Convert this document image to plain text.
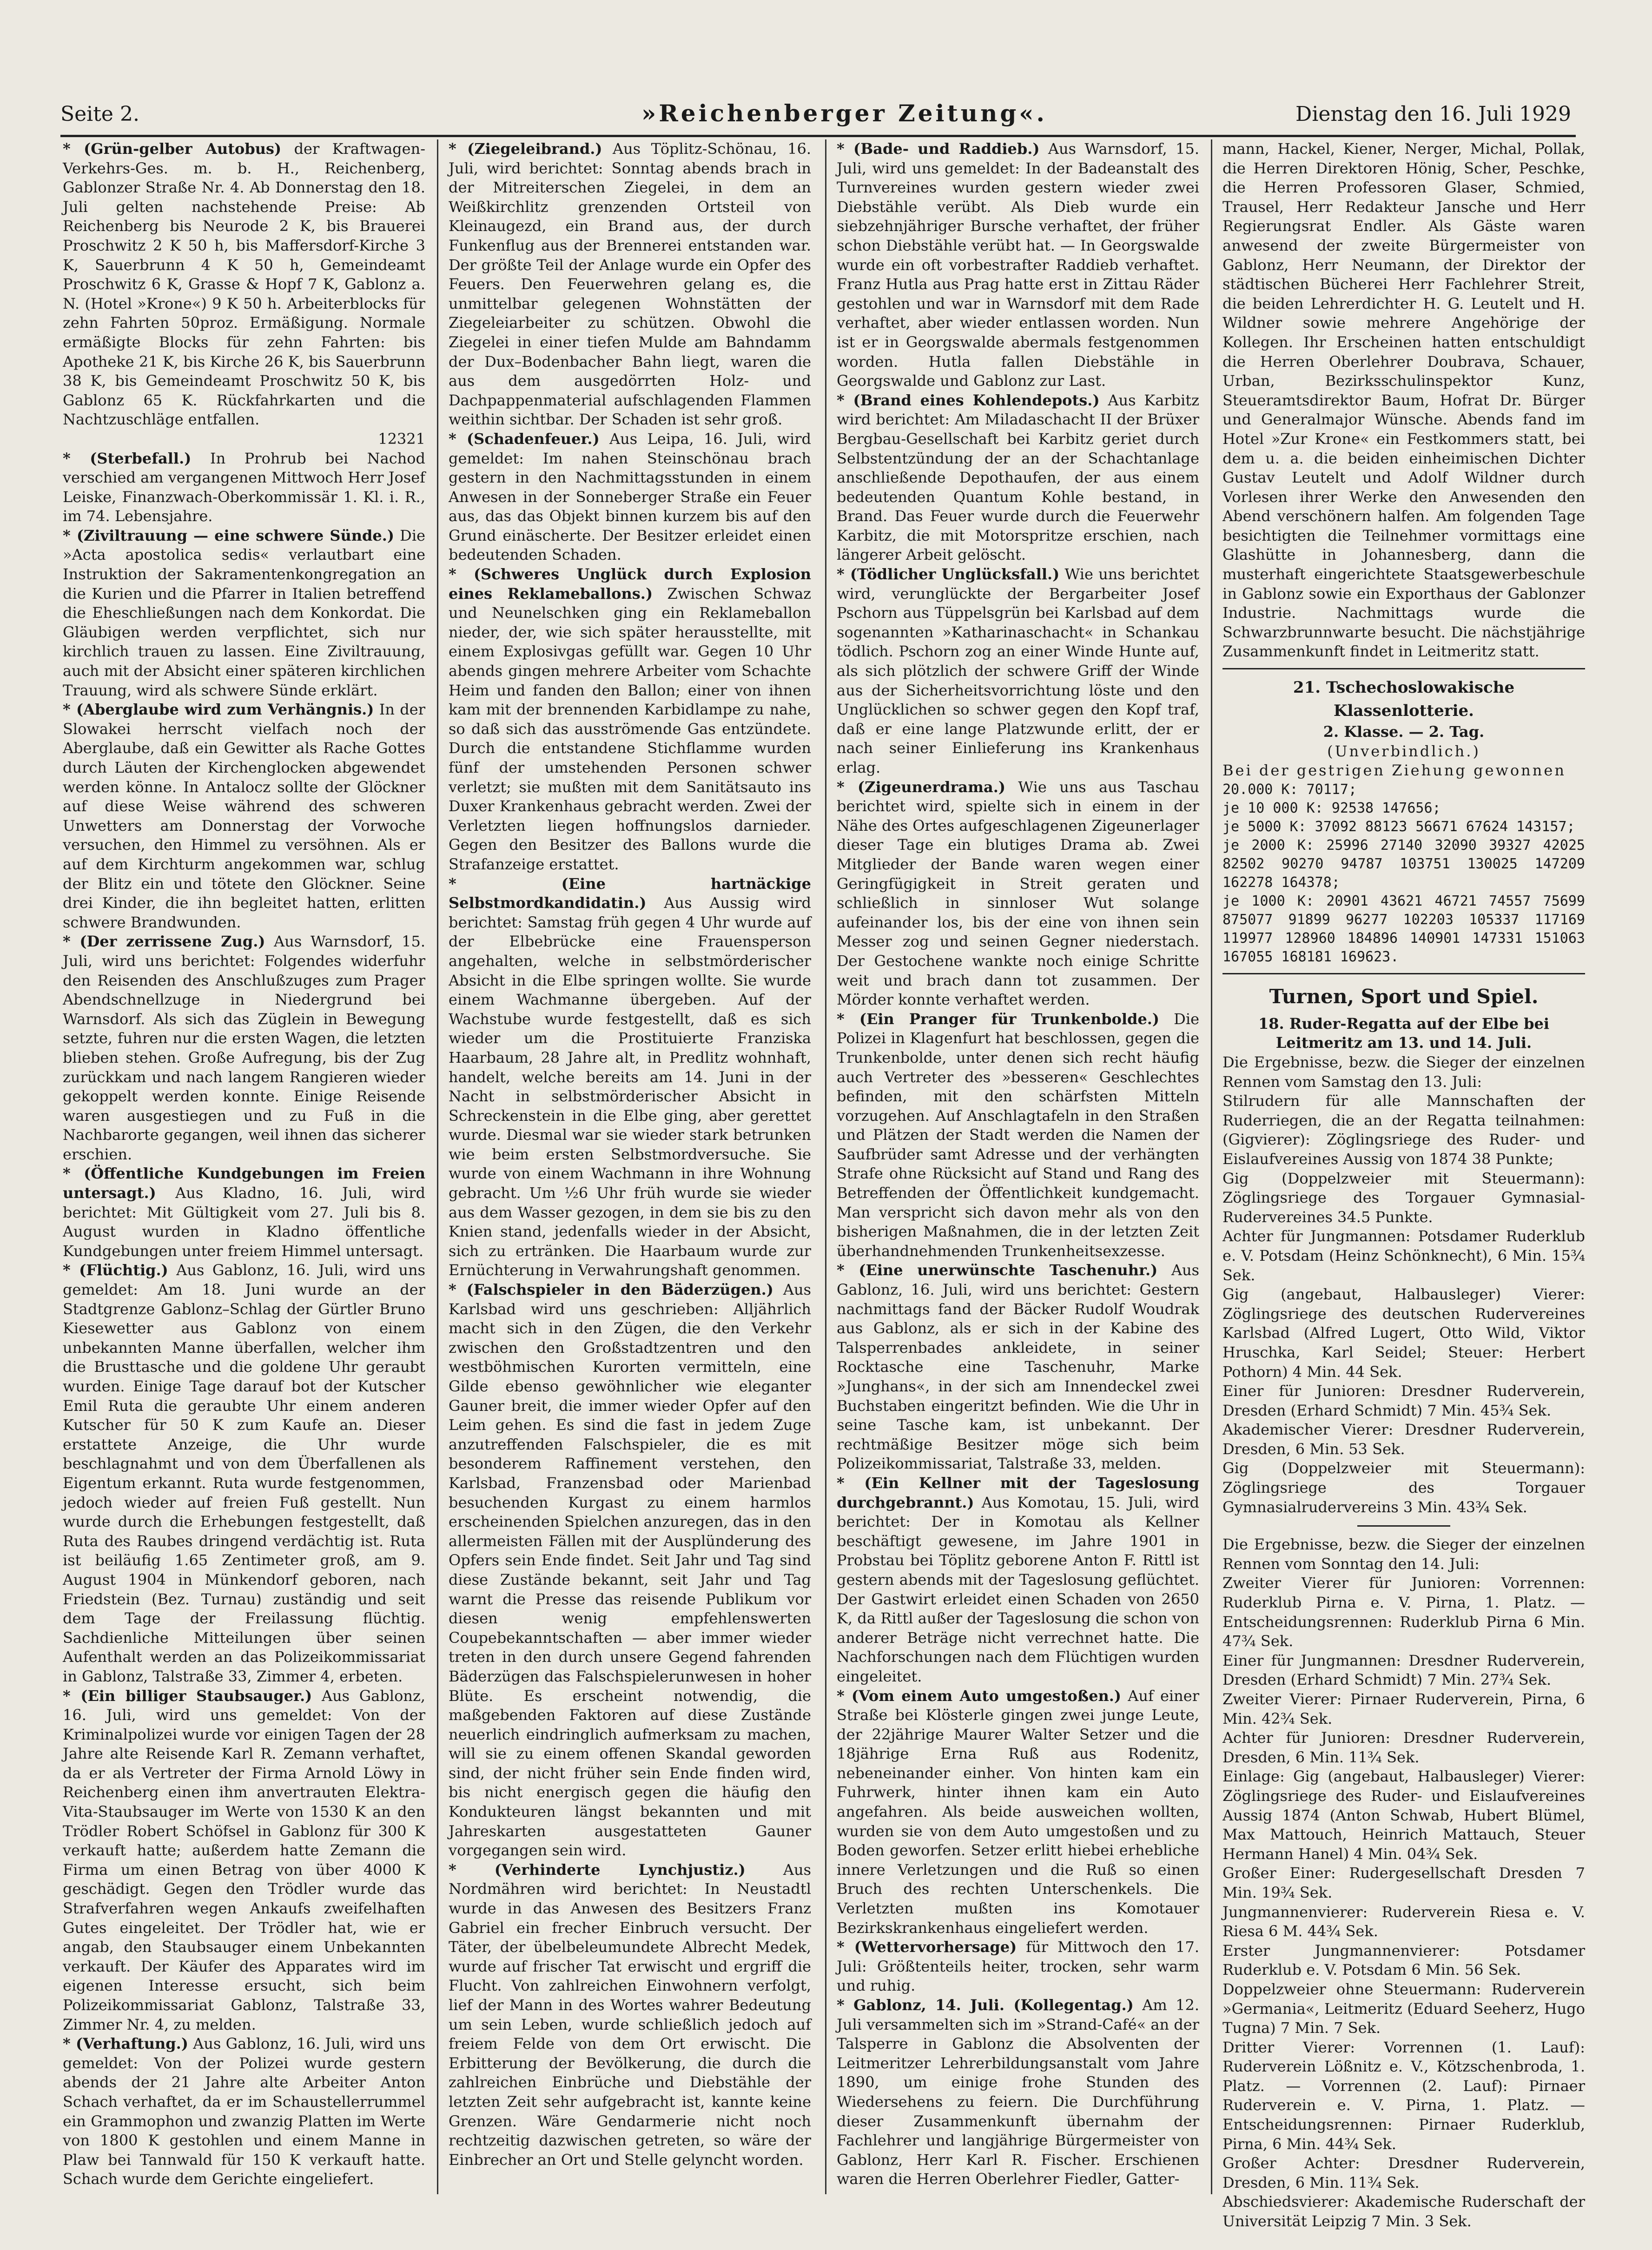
Seite 2.	»Reichenberger Zeitung«.	Dienstag den 16. Juli 1929

* (Grün-gelber Autobus) der Kraftwagen-Verkehrs-Ges. m. b. H., Reichenberg, Gablonzer Straße Nr. 4. Ab Donnerstag den 18. Juli gelten nachstehende Preise: Ab Reichenberg bis Neurode 2 K, bis Brauerei Proschwitz 2 K 50 h, bis Maffersdorf-Kirche 3 K, Sauerbrunn 4 K 50 h, Gemeindeamt Proschwitz 6 K, Grasse & Hopf 7 K, Gablonz a. N. (Hotel »Krone«) 9 K 50 h. Arbeiterblocks für zehn Fahrten 50proz. Ermäßigung. Normale ermäßigte Blocks für zehn Fahrten: bis Apotheke 21 K, bis Kirche 26 K, bis Sauerbrunn 38 K, bis Gemeindeamt Proschwitz 50 K, bis Gablonz 65 K. Rückfahrkarten und die Nachtzuschläge entfallen.

12321

* (Sterbefall.) In Prohrub bei Nachod verschied am vergangenen Mittwoch Herr Josef Leiske, Finanzwach-Oberkommissär 1. Kl. i. R., im 74. Lebensjahre.

* (Ziviltrauung — eine schwere Sünde.) Die »Acta apostolica sedis« verlautbart eine Instruktion der Sakramentenkongregation an die Kurien und die Pfarrer in Italien betreffend die Eheschließungen nach dem Konkordat. Die Gläubigen werden verpflichtet, sich nur kirchlich trauen zu lassen. Eine Ziviltrauung, auch mit der Absicht einer späteren kirchlichen Trauung, wird als schwere Sünde erklärt.

* (Aberglaube wird zum Verhängnis.) In der Slowakei herrscht vielfach noch der Aberglaube, daß ein Gewitter als Rache Gottes durch Läuten der Kirchenglocken abgewendet werden könne. In Antalocz sollte der Glöckner auf diese Weise während des schweren Unwetters am Donnerstag der Vorwoche versuchen, den Himmel zu versöhnen. Als er auf dem Kirchturm angekommen war, schlug der Blitz ein und tötete den Glöckner. Seine drei Kinder, die ihn begleitet hatten, erlitten schwere Brandwunden.

* (Der zerrissene Zug.) Aus Warnsdorf, 15. Juli, wird uns berichtet: Folgendes widerfuhr den Reisenden des Anschlußzuges zum Prager Abendschnellzuge in Niedergrund bei Warnsdorf. Als sich das Züglein in Bewegung setzte, fuhren nur die ersten Wagen, die letzten blieben stehen. Große Aufregung, bis der Zug zurückkam und nach langem Rangieren wieder gekoppelt werden konnte. Einige Reisende waren ausgestiegen und zu Fuß in die Nachbarorte gegangen, weil ihnen das sicherer erschien.

* (Öffentliche Kundgebungen im Freien untersagt.) Aus Kladno, 16. Juli, wird berichtet: Mit Gültigkeit vom 27. Juli bis 8. August wurden in Kladno öffentliche Kundgebungen unter freiem Himmel untersagt.

* (Flüchtig.) Aus Gablonz, 16. Juli, wird uns gemeldet: Am 18. Juni wurde an der Stadtgrenze Gablonz–Schlag der Gürtler Bruno Kiesewetter aus Gablonz von einem unbekannten Manne überfallen, welcher ihm die Brusttasche und die goldene Uhr geraubt wurden. Einige Tage darauf bot der Kutscher Emil Ruta die geraubte Uhr einem anderen Kutscher für 50 K zum Kaufe an. Dieser erstattete Anzeige, die Uhr wurde beschlagnahmt und von dem Überfallenen als Eigentum erkannt. Ruta wurde festgenommen, jedoch wieder auf freien Fuß gestellt. Nun wurde durch die Erhebungen festgestellt, daß Ruta des Raubes dringend verdächtig ist. Ruta ist beiläufig 1.65 Zentimeter groß, am 9. August 1904 in Münkendorf geboren, nach Friedstein (Bez. Turnau) zuständig und seit dem Tage der Freilassung flüchtig. Sachdienliche Mitteilungen über seinen Aufenthalt werden an das Polizeikommissariat in Gablonz, Talstraße 33, Zimmer 4, erbeten.

* (Ein billiger Staubsauger.) Aus Gablonz, 16. Juli, wird uns gemeldet: Von der Kriminalpolizei wurde vor einigen Tagen der 28 Jahre alte Reisende Karl R. Zemann verhaftet, da er als Vertreter der Firma Arnold Löwy in Reichenberg einen ihm anvertrauten Elektra-Vita-Staubsauger im Werte von 1530 K an den Trödler Robert Schöfsel in Gablonz für 300 K verkauft hatte; außerdem hatte Zemann die Firma um einen Betrag von über 4000 K geschädigt. Gegen den Trödler wurde das Strafverfahren wegen Ankaufs zweifelhaften Gutes eingeleitet. Der Trödler hat, wie er angab, den Staubsauger einem Unbekannten verkauft. Der Käufer des Apparates wird im eigenen Interesse ersucht, sich beim Polizeikommissariat Gablonz, Talstraße 33, Zimmer Nr. 4, zu melden.

* (Verhaftung.) Aus Gablonz, 16. Juli, wird uns gemeldet: Von der Polizei wurde gestern abends der 21 Jahre alte Arbeiter Anton Schach verhaftet, da er im Schaustellerrummel ein Grammophon und zwanzig Platten im Werte von 1800 K gestohlen und einem Manne in Plaw bei Tannwald für 150 K verkauft hatte. Schach wurde dem Gerichte eingeliefert.

* (Ziegeleibrand.) Aus Töplitz-Schönau, 16. Juli, wird berichtet: Sonntag abends brach in der Mitreiterschen Ziegelei, in dem an Weißkirchlitz grenzenden Ortsteil von Kleinaugezd, ein Brand aus, der durch Funkenflug aus der Brennerei entstanden war. Der größte Teil der Anlage wurde ein Opfer des Feuers. Den Feuerwehren gelang es, die unmittelbar gelegenen Wohnstätten der Ziegeleiarbeiter zu schützen. Obwohl die Ziegelei in einer tiefen Mulde am Bahndamm der Dux–Bodenbacher Bahn liegt, waren die aus dem ausgedörrten Holz- und Dachpappenmaterial aufschlagenden Flammen weithin sichtbar. Der Schaden ist sehr groß.

* (Schadenfeuer.) Aus Leipa, 16. Juli, wird gemeldet: Im nahen Steinschönau brach gestern in den Nachmittagsstunden in einem Anwesen in der Sonneberger Straße ein Feuer aus, das das Objekt binnen kurzem bis auf den Grund einäscherte. Der Besitzer erleidet einen bedeutenden Schaden.

* (Schweres Unglück durch Explosion eines Reklameballons.) Zwischen Schwaz und Neunelschken ging ein Reklameballon nieder, der, wie sich später herausstellte, mit einem Explosivgas gefüllt war. Gegen 10 Uhr abends gingen mehrere Arbeiter vom Schachte Heim und fanden den Ballon; einer von ihnen kam mit der brennenden Karbidlampe zu nahe, so daß sich das ausströmende Gas entzündete. Durch die entstandene Stichflamme wurden fünf der umstehenden Personen schwer verletzt; sie mußten mit dem Sanitätsauto ins Duxer Krankenhaus gebracht werden. Zwei der Verletzten liegen hoffnungslos darnieder. Gegen den Besitzer des Ballons wurde die Strafanzeige erstattet.

* (Eine hartnäckige Selbstmordkandidatin.) Aus Aussig wird berichtet: Samstag früh gegen 4 Uhr wurde auf der Elbebrücke eine Frauensperson angehalten, welche in selbstmörderischer Absicht in die Elbe springen wollte. Sie wurde einem Wachmanne übergeben. Auf der Wachstube wurde festgestellt, daß es sich wieder um die Prostituierte Franziska Haarbaum, 28 Jahre alt, in Predlitz wohnhaft, handelt, welche bereits am 14. Juni in der Nacht in selbstmörderischer Absicht in Schreckenstein in die Elbe ging, aber gerettet wurde. Diesmal war sie wieder stark betrunken wie beim ersten Selbstmordversuche. Sie wurde von einem Wachmann in ihre Wohnung gebracht. Um ½6 Uhr früh wurde sie wieder aus dem Wasser gezogen, in dem sie bis zu den Knien stand, jedenfalls wieder in der Absicht, sich zu ertränken. Die Haarbaum wurde zur Ernüchterung in Verwahrungshaft genommen.

* (Falschspieler in den Bäderzügen.) Aus Karlsbad wird uns geschrieben: Alljährlich macht sich in den Zügen, die den Verkehr zwischen den Großstadtzentren und den westböhmischen Kurorten vermitteln, eine Gilde ebenso gewöhnlicher wie eleganter Gauner breit, die immer wieder Opfer auf den Leim gehen. Es sind die fast in jedem Zuge anzutreffenden Falschspieler, die es mit besonderem Raffinement verstehen, den Karlsbad, Franzensbad oder Marienbad besuchenden Kurgast zu einem harmlos erscheinenden Spielchen anzuregen, das in den allermeisten Fällen mit der Ausplünderung des Opfers sein Ende findet. Seit Jahr und Tag sind diese Zustände bekannt, seit Jahr und Tag warnt die Presse das reisende Publikum vor diesen wenig empfehlenswerten Coupebekanntschaften — aber immer wieder treten in den durch unsere Gegend fahrenden Bäderzügen das Falschspielerunwesen in hoher Blüte. Es erscheint notwendig, die maßgebenden Faktoren auf diese Zustände neuerlich eindringlich aufmerksam zu machen, will sie zu einem offenen Skandal geworden sind, der nicht früher sein Ende finden wird, bis nicht energisch gegen die häufig den Kondukteuren längst bekannten und mit Jahreskarten ausgestatteten Gauner vorgegangen sein wird.

* (Verhinderte Lynchjustiz.) Aus Nordmähren wird berichtet: In Neustadtl wurde in das Anwesen des Besitzers Franz Gabriel ein frecher Einbruch versucht. Der Täter, der übelbeleumundete Albrecht Medek, wurde auf frischer Tat erwischt und ergriff die Flucht. Von zahlreichen Einwohnern verfolgt, lief der Mann in des Wortes wahrer Bedeutung um sein Leben, wurde schließlich jedoch auf freiem Felde von dem Ort erwischt. Die Erbitterung der Bevölkerung, die durch die zahlreichen Einbrüche und Diebstähle der letzten Zeit sehr aufgebracht ist, kannte keine Grenzen. Wäre Gendarmerie nicht noch rechtzeitig dazwischen getreten, so wäre der Einbrecher an Ort und Stelle gelyncht worden.

* (Bade- und Raddieb.) Aus Warnsdorf, 15. Juli, wird uns gemeldet: In der Badeanstalt des Turnvereines wurden gestern wieder zwei Diebstähle verübt. Als Dieb wurde ein siebzehnjähriger Bursche verhaftet, der früher schon Diebstähle verübt hat. — In Georgswalde wurde ein oft vorbestrafter Raddieb verhaftet. Franz Hutla aus Prag hatte erst in Zittau Räder gestohlen und war in Warnsdorf mit dem Rade verhaftet, aber wieder entlassen worden. Nun ist er in Georgswalde abermals festgenommen worden. Hutla fallen Diebstähle in Georgswalde und Gablonz zur Last.

* (Brand eines Kohlendepots.) Aus Karbitz wird berichtet: Am Miladaschacht II der Brüxer Bergbau-Gesellschaft bei Karbitz geriet durch Selbstentzündung der an der Schachtanlage anschließende Depothaufen, der aus einem bedeutenden Quantum Kohle bestand, in Brand. Das Feuer wurde durch die Feuerwehr Karbitz, die mit Motorspritze erschien, nach längerer Arbeit gelöscht.

* (Tödlicher Unglücksfall.) Wie uns berichtet wird, verunglückte der Bergarbeiter Josef Pschorn aus Tüppelsgrün bei Karlsbad auf dem sogenannten »Katharinaschacht« in Schankau tödlich. Pschorn zog an einer Winde Hunte auf, als sich plötzlich der schwere Griff der Winde aus der Sicherheitsvorrichtung löste und den Unglücklichen so schwer gegen den Kopf traf, daß er eine lange Platzwunde erlitt, der er nach seiner Einlieferung ins Krankenhaus erlag.

* (Zigeunerdrama.) Wie uns aus Taschau berichtet wird, spielte sich in einem in der Nähe des Ortes aufgeschlagenen Zigeunerlager dieser Tage ein blutiges Drama ab. Zwei Mitglieder der Bande waren wegen einer Geringfügigkeit in Streit geraten und schließlich in sinnloser Wut solange aufeinander los, bis der eine von ihnen sein Messer zog und seinen Gegner niederstach. Der Gestochene wankte noch einige Schritte weit und brach dann tot zusammen. Der Mörder konnte verhaftet werden.

* (Ein Pranger für Trunkenbolde.) Die Polizei in Klagenfurt hat beschlossen, gegen die Trunkenbolde, unter denen sich recht häufig auch Vertreter des »besseren« Geschlechtes befinden, mit den schärfsten Mitteln vorzugehen. Auf Anschlagtafeln in den Straßen und Plätzen der Stadt werden die Namen der Saufbrüder samt Adresse und der verhängten Strafe ohne Rücksicht auf Stand und Rang des Betreffenden der Öffentlichkeit kundgemacht. Man verspricht sich davon mehr als von den bisherigen Maßnahmen, die in der letzten Zeit überhandnehmenden Trunkenheitsexzesse.

* (Eine unerwünschte Taschenuhr.) Aus Gablonz, 16. Juli, wird uns berichtet: Gestern nachmittags fand der Bäcker Rudolf Woudrak aus Gablonz, als er sich in der Kabine des Talsperrenbades ankleidete, in seiner Rocktasche eine Taschenuhr, Marke »Junghans«, in der sich am Innendeckel zwei Buchstaben eingeritzt befinden. Wie die Uhr in seine Tasche kam, ist unbekannt. Der rechtmäßige Besitzer möge sich beim Polizeikommissariat, Talstraße 33, melden.

* (Ein Kellner mit der Tageslosung durchgebrannt.) Aus Komotau, 15. Juli, wird berichtet: Der in Komotau als Kellner beschäftigt gewesene, im Jahre 1901 in Probstau bei Töplitz geborene Anton F. Rittl ist gestern abends mit der Tageslosung geflüchtet. Der Gastwirt erleidet einen Schaden von 2650 K, da Rittl außer der Tageslosung die schon von anderer Beträge nicht verrechnet hatte. Die Nachforschungen nach dem Flüchtigen wurden eingeleitet.

* (Vom einem Auto umgestoßen.) Auf einer Straße bei Klösterle gingen zwei junge Leute, der 22jährige Maurer Walter Setzer und die 18jährige Erna Ruß aus Rodenitz, nebeneinander einher. Von hinten kam ein Fuhrwerk, hinter ihnen kam ein Auto angefahren. Als beide ausweichen wollten, wurden sie von dem Auto umgestoßen und zu Boden geworfen. Setzer erlitt hiebei erhebliche innere Verletzungen und die Ruß so einen Bruch des rechten Unterschenkels. Die Verletzten mußten ins Komotauer Bezirkskrankenhaus eingeliefert werden.

* (Wettervorhersage) für Mittwoch den 17. Juli: Größtenteils heiter, trocken, sehr warm und ruhig.

* Gablonz, 14. Juli. (Kollegentag.) Am 12. Juli versammelten sich im »Strand-Café« an der Talsperre in Gablonz die Absolventen der Leitmeritzer Lehrerbildungsanstalt vom Jahre 1890, um einige frohe Stunden des Wiedersehens zu feiern. Die Durchführung dieser Zusammenkunft übernahm der Fachlehrer und langjährige Bürgermeister von Gablonz, Herr Karl R. Fischer. Erschienen waren die Herren Oberlehrer Fiedler, Gatter-

mann, Hackel, Kiener, Nerger, Michal, Pollak, die Herren Direktoren Hönig, Scher, Peschke, die Herren Professoren Glaser, Schmied, Trausel, Herr Redakteur Jansche und Herr Regierungsrat Endler. Als Gäste waren anwesend der zweite Bürgermeister von Gablonz, Herr Neumann, der Direktor der städtischen Bücherei Herr Fachlehrer Streit, die beiden Lehrerdichter H. G. Leutelt und H. Wildner sowie mehrere Angehörige der Kollegen. Ihr Erscheinen hatten entschuldigt die Herren Oberlehrer Doubrava, Schauer, Urban, Bezirksschulinspektor Kunz, Steueramtsdirektor Baum, Hofrat Dr. Bürger und Generalmajor Wünsche. Abends fand im Hotel »Zur Krone« ein Festkommers statt, bei dem u. a. die beiden einheimischen Dichter Gustav Leutelt und Adolf Wildner durch Vorlesen ihrer Werke den Anwesenden den Abend verschönern halfen. Am folgenden Tage besichtigten die Teilnehmer vormittags eine Glashütte in Johannesberg, dann die musterhaft eingerichtete Staatsgewerbeschule in Gablonz sowie ein Exporthaus der Gablonzer Industrie. Nachmittags wurde die Schwarzbrunnwarte besucht. Die nächstjährige Zusammenkunft findet in Leitmeritz statt.

21. Tschechoslowakische Klassenlotterie.

2. Klasse. — 2. Tag.

(Unverbindlich.)

Bei der gestrigen Ziehung gewonnen

20.000 K: 70117;

je 10 000 K: 92538 147656;

je 5000 K: 37092 88123 56671 67624 143157;

je 2000 K: 25996 27140 32090 39327 42025 82502 90270 94787 103751 130025 147209 162278 164378;

je 1000 K: 20901 43621 46721 74557 75699 875077 91899 96277 102203 105337 117169 119977 128960 184896 140901 147331 151063 167055 168181 169623.

Turnen, Sport und Spiel.

18. Ruder-Regatta auf der Elbe bei Leitmeritz am 13. und 14. Juli.

Die Ergebnisse, bezw. die Sieger der einzelnen Rennen vom Samstag den 13. Juli:

Stilrudern für alle Mannschaften der Ruderriegen, die an der Regatta teilnahmen: (Gigvierer): Zöglingsriege des Ruder- und Eislaufvereines Aussig von 1874 38 Punkte;

Gig (Doppelzweier mit Steuermann): Zöglingsriege des Torgauer Gymnasial-Rudervereines 34.5 Punkte.

Achter für Jungmannen: Potsdamer Ruderklub e. V. Potsdam (Heinz Schönknecht), 6 Min. 15¾ Sek.

Gig (angebaut, Halbausleger) Vierer: Zöglingsriege des deutschen Rudervereines Karlsbad (Alfred Lugert, Otto Wild, Viktor Hruschka, Karl Seidel; Steuer: Herbert Pothorn) 4 Min. 44 Sek.

Einer für Junioren: Dresdner Ruderverein, Dresden (Erhard Schmidt) 7 Min. 45¾ Sek.

Akademischer Vierer: Dresdner Ruderverein, Dresden, 6 Min. 53 Sek.

Gig (Doppelzweier mit Steuermann): Zöglingsriege des Torgauer Gymnasialrudervereins 3 Min. 43¾ Sek.

Die Ergebnisse, bezw. die Sieger der einzelnen Rennen vom Sonntag den 14. Juli:

Zweiter Vierer für Junioren: Vorrennen: Ruderklub Pirna e. V. Pirna, 1. Platz. — Entscheidungsrennen: Ruderklub Pirna 6 Min. 47¾ Sek.

Einer für Jungmannen: Dresdner Ruderverein, Dresden (Erhard Schmidt) 7 Min. 27¾ Sek.

Zweiter Vierer: Pirnaer Ruderverein, Pirna, 6 Min. 42¾ Sek.

Achter für Junioren: Dresdner Ruderverein, Dresden, 6 Min. 11¾ Sek.

Einlage: Gig (angebaut, Halbausleger) Vierer: Zöglingsriege des Ruder- und Eislaufvereines Aussig 1874 (Anton Schwab, Hubert Blümel, Max Mattouch, Heinrich Mattauch, Steuer Hermann Hanel) 4 Min. 04¾ Sek.

Großer Einer: Rudergesellschaft Dresden 7 Min. 19¾ Sek.

Jungmannenvierer: Ruderverein Riesa e. V. Riesa 6 M. 44¾ Sek.

Erster Jungmannenvierer: Potsdamer Ruderklub e. V. Potsdam 6 Min. 56 Sek.

Doppelzweier ohne Steuermann: Ruderverein »Germania«, Leitmeritz (Eduard Seeherz, Hugo Tugna) 7 Min. 7 Sek.

Dritter Vierer: Vorrennen (1. Lauf): Ruderverein Lößnitz e. V., Kötzschenbroda, 1. Platz. — Vorrennen (2. Lauf): Pirnaer Ruderverein e. V. Pirna, 1. Platz. — Entscheidungsrennen: Pirnaer Ruderklub, Pirna, 6 Min. 44¾ Sek.

Großer Achter: Dresdner Ruderverein, Dresden, 6 Min. 11¾ Sek.

Abschiedsvierer: Akademische Ruderschaft der Universität Leipzig 7 Min. 3 Sek.
